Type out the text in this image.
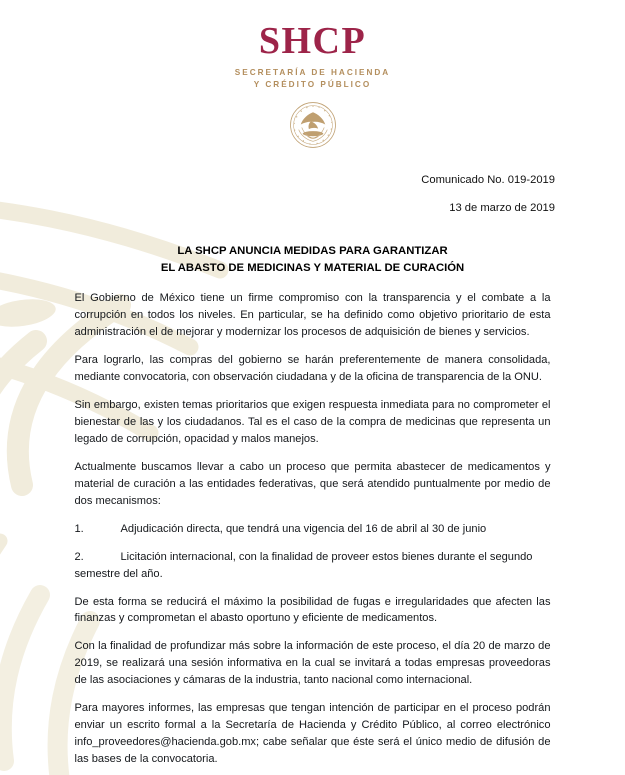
SHCP
SECRETARÍA DE HACIENDA
Y CRÉDITO PÚBLICO
Comunicado No. 019-2019
13 de marzo de 2019
LA SHCP ANUNCIA MEDIDAS PARA GARANTIZAR
EL ABASTO DE MEDICINAS Y MATERIAL DE CURACIÓN

El Gobierno de México tiene un firme compromiso con la transparencia y el combate a la corrupción en todos los niveles. En particular, se ha definido como objetivo prioritario de esta administración el de mejorar y modernizar los procesos de adquisición de bienes y servicios.

Para lograrlo, las compras del gobierno se harán preferentemente de manera consolidada, mediante convocatoria, con observación ciudadana y de la oficina de transparencia de la ONU.

Sin embargo, existen temas prioritarios que exigen respuesta inmediata para no comprometer el bienestar de las y los ciudadanos. Tal es el caso de la compra de medicinas que representa un legado de corrupción, opacidad y malos manejos.

Actualmente buscamos llevar a cabo un proceso que permita abastecer de medicamentos y material de curación a las entidades federativas, que será atendido puntualmente por medio de dos mecanismos:

1.	Adjudicación directa, que tendrá una vigencia del 16 de abril al 30 de junio

2.	Licitación internacional, con la finalidad de proveer estos bienes durante el segundo semestre del año.

De esta forma se reducirá el máximo la posibilidad de fugas e irregularidades que afecten las finanzas y comprometan el abasto oportuno y eficiente de medicamentos.

Con la finalidad de profundizar más sobre la información de este proceso, el día 20 de marzo de 2019, se realizará una sesión informativa en la cual se invitará a todas empresas proveedoras de las asociaciones y cámaras de la industria, tanto nacional como internacional.

Para mayores informes, las empresas que tengan intención de participar en el proceso podrán enviar un escrito formal a la Secretaría de Hacienda y Crédito Público, al correo electrónico info_proveedores@hacienda.gob.mx; cabe señalar que éste será el único medio de difusión de las bases de la convocatoria.
